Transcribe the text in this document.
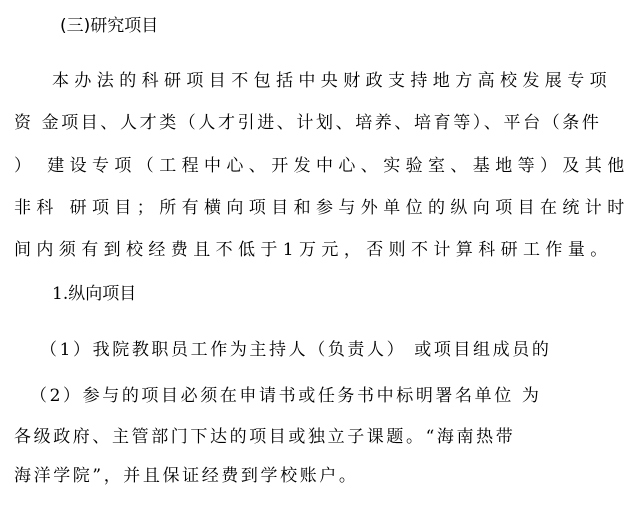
(三)研究项目
本办法的科研项目不包括中央财政支持地方高校发展专项
资 金项目、人才类（人才引进、计划、培养、培育等）、平台（条件
） 建设专项（工程中心、开发中心、实验室、基地等）及其他
非科 研项目；所有横向项目和参与外单位的纵向项目在统计时
间内须有到校经费且不低于1万元，否则不计算科研工作量。
1.纵向项目
（1）我院教职员工作为主持人（负责人） 或项目组成员的
（2）参与的项目必须在申请书或任务书中标明署名单位 为
各级政府、主管部门下达的项目或独立子课题。“海南热带
海洋学院”，并且保证经费到学校账户。
